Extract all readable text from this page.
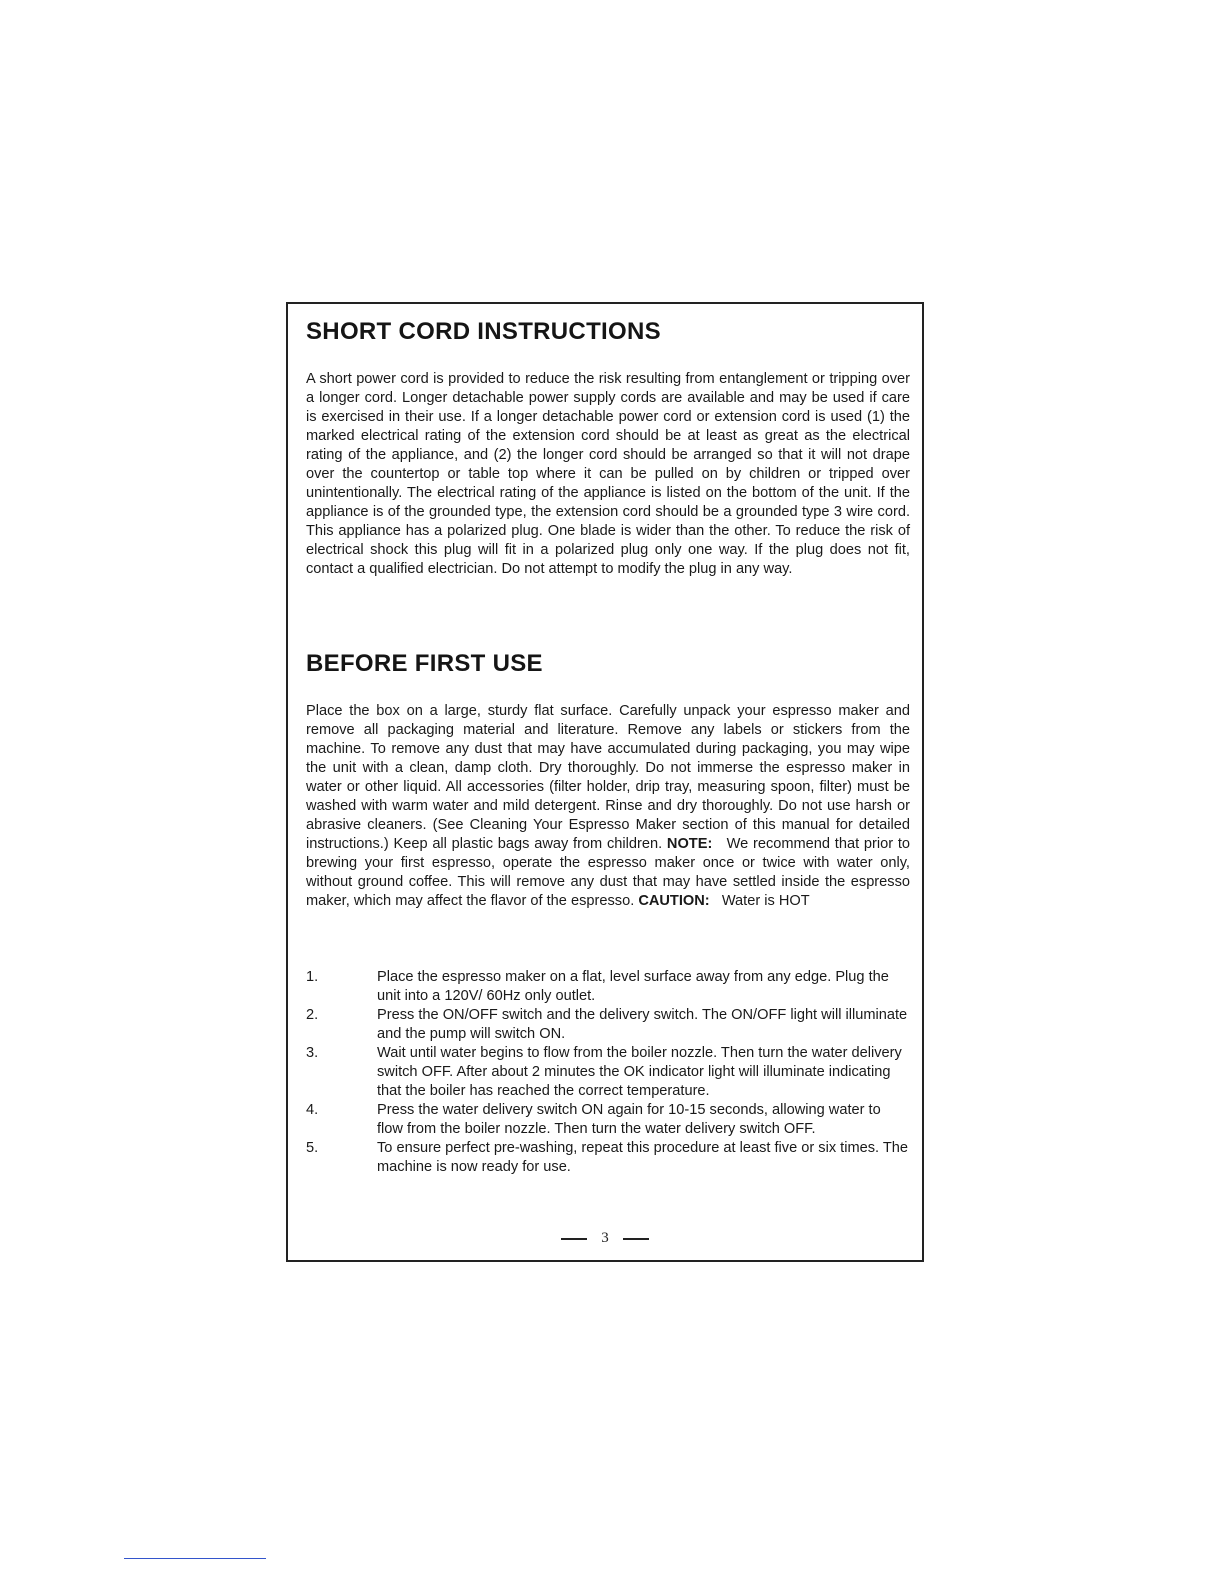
SHORT CORD INSTRUCTIONS

A short power cord is provided to reduce the risk resulting from entanglement or tripping over a longer cord. Longer detachable power supply cords are available and may be used if care is exercised in their use. If a longer detachable power cord or extension cord is used (1) the marked electrical rating of the extension cord should be at least as great as the electrical rating of the appliance, and (2) the longer cord should be arranged so that it will not drape over the countertop or table top where it can be pulled on by children or tripped over unintentionally. The electrical rating of the appliance is listed on the bottom of the unit. If the appliance is of the grounded type, the extension cord should be a grounded type 3 wire cord. This appliance has a polarized plug. One blade is wider than the other. To reduce the risk of electrical shock this plug will fit in a polarized plug only one way. If the plug does not fit, contact a qualified electrician. Do not attempt to modify the plug in any way.

BEFORE FIRST USE

Place the box on a large, sturdy flat surface. Carefully unpack your espresso maker and remove all packaging material and literature. Remove any labels or stickers from the machine. To remove any dust that may have accumulated during packaging, you may wipe the unit with a clean, damp cloth. Dry thoroughly. Do not immerse the espresso maker in water or other liquid. All accessories (filter holder, drip tray, measuring spoon, filter) must be washed with warm water and mild detergent. Rinse and dry thoroughly. Do not use harsh or abrasive cleaners. (See Cleaning Your Espresso Maker section of this manual for detailed instructions.) Keep all plastic bags away from children. NOTE: We recommend that prior to brewing your first espresso, operate the espresso maker once or twice with water only, without ground coffee. This will remove any dust that may have settled inside the espresso maker, which may affect the flavor of the espresso. CAUTION: Water is HOT

1.	Place the espresso maker on a flat, level surface away from any edge. Plug the unit into a 120V/ 60Hz only outlet.
2.	Press the ON/OFF switch and the delivery switch. The ON/OFF light will illuminate and the pump will switch ON.
3.	Wait until water begins to flow from the boiler nozzle. Then turn the water delivery switch OFF. After about 2 minutes the OK indicator light will illuminate indicating that the boiler has reached the correct temperature.
4.	Press the water delivery switch ON again for 10-15 seconds, allowing water to flow from the boiler nozzle. Then turn the water delivery switch OFF.
5.	To ensure perfect pre-washing, repeat this procedure at least five or six times. The machine is now ready for use.
3
